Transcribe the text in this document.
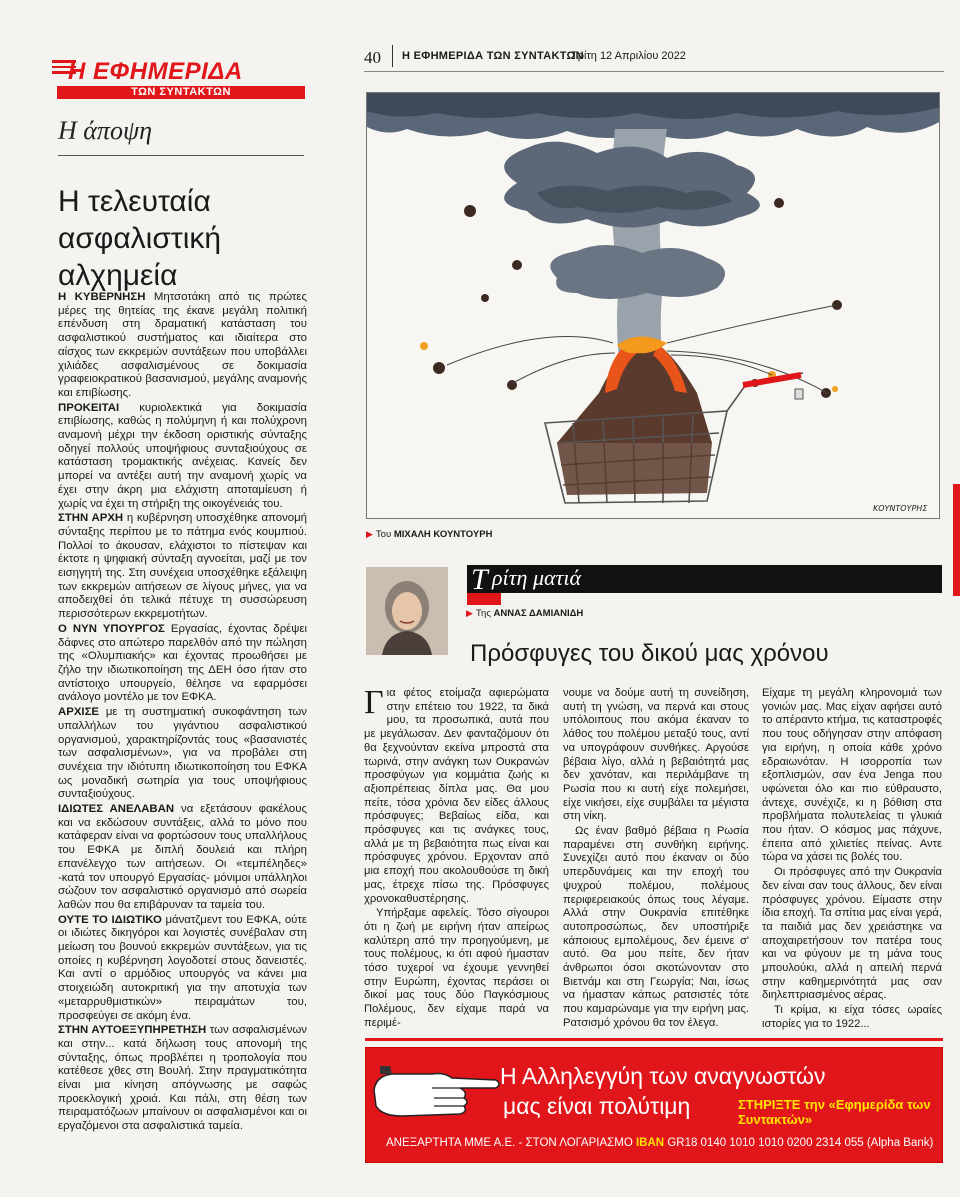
Η ΕΦΗΜΕΡΙΔΑ
ΤΩΝ ΣΥΝΤΑΚΤΩΝ
Η άποψη
Η τελευταία ασφαλιστική αλχημεία

Η ΚΥΒΕΡΝΗΣΗ Μητσοτάκη από τις πρώτες μέρες της θητείας της έκανε μεγάλη πολιτική επένδυση στη δραματική κατάσταση του ασφαλιστικού συστήματος και ιδιαίτερα στο αίσχος των εκκρεμών συντάξεων που υποβάλλει χιλιάδες ασφαλισμένους σε δοκιμασία γραφειοκρατικού βασανισμού, μεγάλης αναμονής και επιβίωσης.

ΠΡΟΚΕΙΤΑΙ κυριολεκτικά για δοκιμασία επιβίωσης, καθώς η πολύμηνη ή και πολύχρονη αναμονή μέχρι την έκδοση οριστικής σύνταξης οδηγεί πολλούς υποψήφιους συνταξιούχους σε κατάσταση τρομακτικής ανέχειας. Κανείς δεν μπορεί να αντέξει αυτή την αναμονή χωρίς να έχει στην άκρη μια ελάχιστη αποταμίευση ή χωρίς να έχει τη στήριξη της οικογένειάς του.

ΣΤΗΝ ΑΡΧΗ η κυβέρνηση υποσχέθηκε απονομή σύνταξης περίπου με το πάτημα ενός κουμπιού. Πολλοί το άκουσαν, ελάχιστοι το πίστεψαν και έκτοτε η ψηφιακή σύνταξη αγνοείται, μαζί με τον εισηγητή της. Στη συνέχεια υποσχέθηκε εξάλειψη των εκκρεμών αιτήσεων σε λίγους μήνες, για να αποδειχθεί ότι τελικά πέτυχε τη συσσώρευση περισσότερων εκκρεμοτήτων.

Ο ΝΥΝ ΥΠΟΥΡΓΟΣ Εργασίας, έχοντας δρέψει δάφνες στο απώτερο παρελθόν από την πώληση της «Ολυμπιακής» και έχοντας προωθήσει με ζήλο την ιδιωτικοποίηση της ΔΕΗ όσο ήταν στο αντίστοιχο υπουργείο, θέλησε να εφαρμόσει ανάλογο μοντέλο με τον ΕΦΚΑ.

ΑΡΧΙΣΕ με τη συστηματική συκοφάντηση των υπαλλήλων του γιγάντιου ασφαλιστικού οργανισμού, χαρακτηρίζοντάς τους «βασανιστές των ασφαλισμένων», για να προβάλει στη συνέχεια την ιδιότυπη ιδιωτικοποίηση του ΕΦΚΑ ως μοναδική σωτηρία για τους υποψήφιους συνταξιούχους.

ΙΔΙΩΤΕΣ ΑΝΕΛΑΒΑΝ να εξετάσουν φακέλους και να εκδώσουν συντάξεις, αλλά το μόνο που κατάφεραν είναι να φορτώσουν τους υπαλλήλους του ΕΦΚΑ με διπλή δουλειά και πλήρη επανέλεγχο των αιτήσεων. Οι «τεμπέληδες» -κατά τον υπουργό Εργασίας- μόνιμοι υπάλληλοι σώζουν τον ασφαλιστικό οργανισμό από σωρεία λαθών που θα επιβάρυναν τα ταμεία του.

ΟΥΤΕ ΤΟ ΙΔΙΩΤΙΚΟ μάνατζμεντ του ΕΦΚΑ, ούτε οι ιδιώτες δικηγόροι και λογιστές συνέβαλαν στη μείωση του βουνού εκκρεμών συντάξεων, για τις οποίες η κυβέρνηση λογοδοτεί στους δανειστές. Και αντί ο αρμόδιος υπουργός να κάνει μια στοιχειώδη αυτοκριτική για την αποτυχία των «μεταρρυθμιστικών» πειραμάτων του, προσφεύγει σε ακόμη ένα.

ΣΤΗΝ ΑΥΤΟΕΞΥΠΗΡΕΤΗΣΗ των ασφαλισμένων και στην... κατά δήλωση τους απονομή της σύνταξης, όπως προβλέπει η τροπολογία που κατέθεσε χθες στη Βουλή. Στην πραγματικότητα είναι μια κίνηση απόγνωσης με σαφώς προεκλογική χροιά. Και πάλι, στη θέση των πειραματόζωων μπαίνουν οι ασφαλισμένοι και οι εργαζόμενοι στα ασφαλιστικά ταμεία.

40 Η ΕΦΗΜΕΡΙΔΑ ΤΩΝ ΣΥΝΤΑΚΤΩΝ
Τρίτη 12 Απριλίου 2022
ΚΟΥΝΤΟΥΡΗΣ
▶ Του ΜΙΧΑΛΗ ΚΟΥΝΤΟΥΡΗ
Τ ρίτη ματιά
▶ Της ΑΝΝΑΣ ΔΑΜΙΑΝΙΔΗ
Πρόσφυγες του δικού μας χρόνου

Για φέτος ετοίμαζα αφιερώματα στην επέτειο του 1922, τα δικά μου, τα προσωπικά, αυτά που με μεγάλωσαν. Δεν φανταζόμουν ότι θα ξεχνούνταν εκείνα μπροστά στα τωρινά, στην ανάγκη των Ουκρανών προσφύγων για κομμάτια ζωής κι αξιοπρέπειας δίπλα μας. Θα μου πείτε, τόσα χρόνια δεν είδες άλλους πρόσφυγες; Βεβαίως είδα, και πρόσφυγες και τις ανάγκες τους, αλλά με τη βεβαιότητα πως είναι και πρόσφυγες χρόνου. Ερχονταν από μια εποχή που ακολουθούσε τη δική μας, έτρεχε πίσω της. Πρόσφυγες χρονοκαθυστέρησης.

Υπήρξαμε αφελείς. Τόσο σίγουροι ότι η ζωή με ειρήνη ήταν απείρως καλύτερη από την προηγούμενη, με τους πολέμους, κι ότι αφού ήμασταν τόσο τυχεροί να έχουμε γεννηθεί στην Ευρώπη, έχοντας περάσει οι δικοί μας τους δύο Παγκόσμιους Πολέμους, δεν είχαμε παρά να περιμέ-

νουμε να δούμε αυτή τη συνείδηση, αυτή τη γνώση, να περνά και στους υπόλοιπους που ακόμα έκαναν το λάθος του πολέμου μεταξύ τους, αντί να υπογράφουν συνθήκες. Αργούσε βέβαια λίγο, αλλά η βεβαιότητά μας δεν χανόταν, και περιλάμβανε τη Ρωσία που κι αυτή είχε πολεμήσει, είχε νικήσει, είχε συμβάλει τα μέγιστα στη νίκη.

Ως έναν βαθμό βέβαια η Ρωσία παραμένει στη συνθήκη ειρήνης. Συνεχίζει αυτό που έκαναν οι δύο υπερδυνάμεις και την εποχή του ψυχρού πολέμου, πολέμους περιφερειακούς όπως τους λέγαμε. Αλλά στην Ουκρανία επιτέθηκε αυτοπροσώπως, δεν υποστήριξε κάποιους εμπολέμους, δεν έμεινε σ' αυτό. Θα μου πείτε, δεν ήταν άνθρωποι όσοι σκοτώνονταν στο Βιετνάμ και στη Γεωργία; Ναι, ίσως να ήμασταν κάπως ρατσιστές τότε που καμαρώναμε για την ειρήνη μας. Ρατσισμό χρόνου θα τον έλεγα.

Είχαμε τη μεγάλη κληρονομιά των γονιών μας. Μας είχαν αφήσει αυτό το απέραντο κτήμα, τις καταστροφές που τους οδήγησαν στην απόφαση για ειρήνη, η οποία κάθε χρόνο εδραιωνόταν. Η ισορροπία των εξοπλισμών, σαν ένα Jenga που υφώνεται όλο και πιο εύθραυστο, άντεχε, συνέχιζε, κι η βόθιση στα προβλήματα πολυτελείας τι γλυκιά που ήταν. Ο κόσμος μας πάχυνε, έπειτα από χιλιετίες πείνας. Αντε τώρα να χάσει τις βολές του.

Οι πρόσφυγες από την Ουκρανία δεν είναι σαν τους άλλους, δεν είναι πρόσφυγες χρόνου. Είμαστε στην ίδια εποχή. Τα σπίτια μας είναι γερά, τα παιδιά μας δεν χρειάστηκε να αποχαιρετήσουν τον πατέρα τους και να φύγουν με τη μάνα τους μπουλούκι, αλλά η απειλή περνά στην καθημερινότητά μας σαν διηλεπτριασμένος αέρας.

Τι κρίμα, κι είχα τόσες ωραίες ιστορίες για το 1922...

Η Αλληλεγγύη των αναγνωστών
μας είναι πολύτιμη	ΣΤΗΡΙΞΤΕ την «Εφημερίδα των Συντακτών»
ΑΝΕΞΑΡΤΗΤΑ ΜΜΕ Α.Ε. - ΣΤΟΝ ΛΟΓΑΡΙΑΣΜΟ IBAN GR18 0140 1010 1010 0200 2314 055 (Alpha Bank)
